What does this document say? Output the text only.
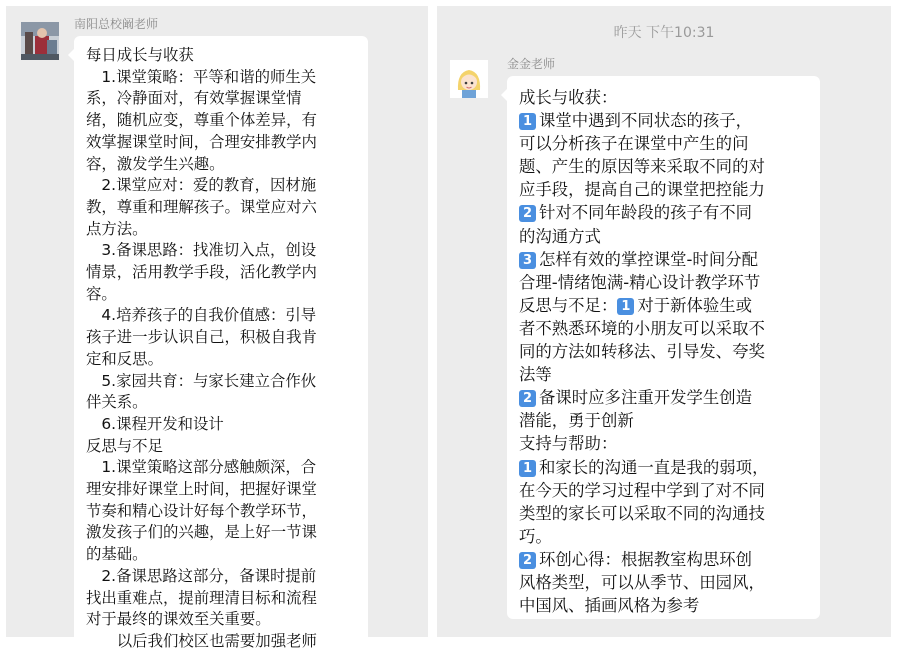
南阳总校阚老师
每日成长与收获
　1.课堂策略：平等和谐的师生关
系，冷静面对，有效掌握课堂情
绪，随机应变，尊重个体差异，有
效掌握课堂时间，合理安排教学内
容，激发学生兴趣。
　2.课堂应对：爱的教育，因材施
教，尊重和理解孩子。课堂应对六
点方法。
　3.备课思路：找准切入点，创设
情景，活用教学手段，活化教学内
容。
　4.培养孩子的自我价值感：引导
孩子进一步认识自己，积极自我肯
定和反思。
　5.家园共育：与家长建立合作伙
伴关系。
　6.课程开发和设计
反思与不足
　1.课堂策略这部分感触颇深，合
理安排好课堂上时间，把握好课堂
节奏和精心设计好每个教学环节，
激发孩子们的兴趣，是上好一节课
的基础。
　2.备课思路这部分，备课时提前
找出重难点，提前理清目标和流程
对于最终的课效至关重要。
　　以后我们校区也需要加强老师
昨天 下午10:31
金金老师
成长与收获：
1 课堂中遇到不同状态的孩子，
可以分析孩子在课堂中产生的问
题、产生的原因等来采取不同的对
应手段，提高自己的课堂把控能力
2 针对不同年龄段的孩子有不同
的沟通方式
3 怎样有效的掌控课堂-时间分配
合理-情绪饱满-精心设计教学环节
反思与不足： 1 对于新体验生或
者不熟悉环境的小朋友可以采取不
同的方法如转移法、引导发、夸奖
法等
2 备课时应多注重开发学生创造
潜能，勇于创新
支持与帮助：
1 和家长的沟通一直是我的弱项，
在今天的学习过程中学到了对不同
类型的家长可以采取不同的沟通技
巧。
2 环创心得：根据教室构思环创
风格类型，可以从季节、田园风，
中国风、插画风格为参考
